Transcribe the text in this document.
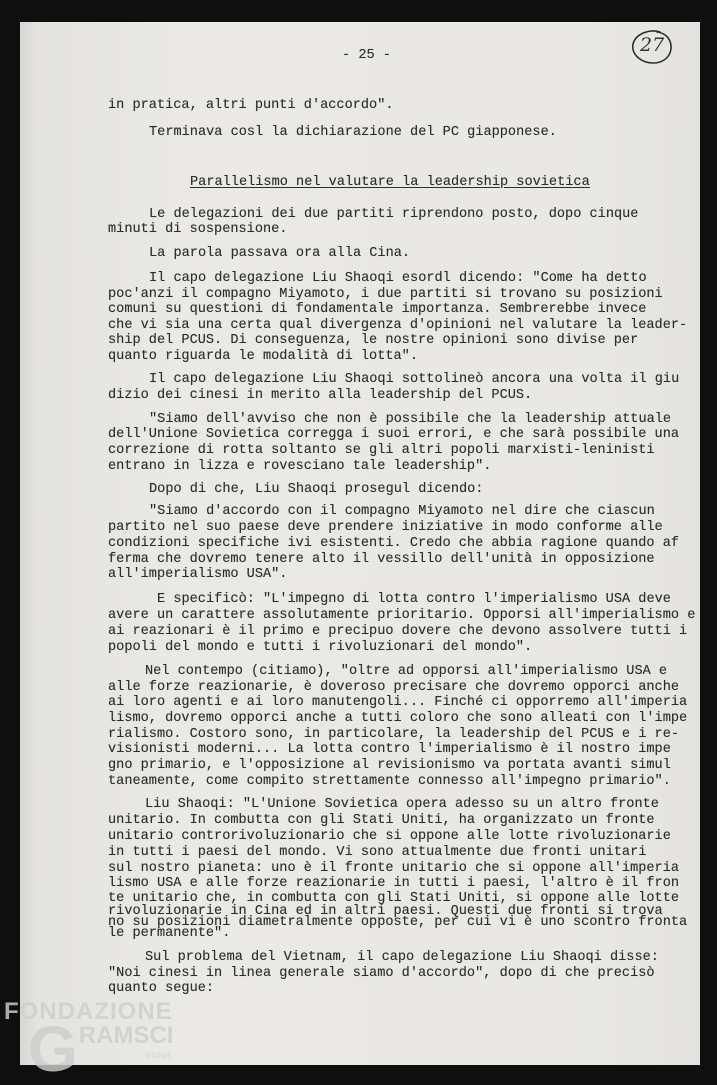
- 25 -	27
in pratica, altri punti d'accordo".
Terminava cosl la dichiarazione del PC giapponese.
Parallelismo nel valutare la leadership sovietica
Le delegazioni dei due partiti riprendono posto, dopo cinque
minuti di sospensione.
La parola passava ora alla Cina.
Il capo delegazione Liu Shaoqi esordl dicendo: "Come ha detto
poc'anzi il compagno Miyamoto, i due partiti si trovano su posizioni
comuni su questioni di fondamentale importanza. Sembrerebbe invece
che vi sia una certa qual divergenza d'opinioni nel valutare la leader-
ship del PCUS. Di conseguenza, le nostre opinioni sono divise per
quanto riguarda le modalità di lotta".
Il capo delegazione Liu Shaoqi sottolineò ancora una volta il giu
dizio dei cinesi in merito alla leadership del PCUS.
"Siamo dell'avviso che non è possibile che la leadership attuale
dell'Unione Sovietica corregga i suoi errori, e che sarà possibile una
correzione di rotta soltanto se gli altri popoli marxisti-leninisti
entrano in lizza e rovesciano tale leadership".
Dopo di che, Liu Shaoqi prosegul dicendo:
"Siamo d'accordo con il compagno Miyamoto nel dire che ciascun
partito nel suo paese deve prendere iniziative in modo conforme alle
condizioni specifiche ivi esistenti. Credo che abbia ragione quando af
ferma che dovremo tenere alto il vessillo dell'unità in opposizione
all'imperialismo USA".
E specificò: "L'impegno di lotta contro l'imperialismo USA deve
avere un carattere assolutamente prioritario. Opporsi all'imperialismo e
ai reazionari è il primo e precipuo dovere che devono assolvere tutti i
popoli del mondo e tutti i rivoluzionari del mondo".
Nel contempo (citiamo), "oltre ad opporsi all'imperialismo USA e
alle forze reazionarie, è doveroso precisare che dovremo opporci anche
ai loro agenti e ai loro manutengoli... Finché ci opporremo all'imperia
lismo, dovremo opporci anche a tutti coloro che sono alleati con l'impe
rialismo. Costoro sono, in particolare, la leadership del PCUS e i re-
visionisti moderni... La lotta contro l'imperialismo è il nostro impe
gno primario, e l'opposizione al revisionismo va portata avanti simul
taneamente, come compito strettamente connesso all'impegno primario".
Liu Shaoqi: "L'Unione Sovietica opera adesso su un altro fronte
unitario. In combutta con gli Stati Uniti, ha organizzato un fronte
unitario controrivoluzionario che si oppone alle lotte rivoluzionarie
in tutti i paesi del mondo. Vi sono attualmente due fronti unitari
sul nostro pianeta: uno è il fronte unitario che si oppone all'imperia
lismo USA e alle forze reazionarie in tutti i paesi, l'altro è il fron
te unitario che, in combutta con gli Stati Uniti, si oppone alle lotte
rivoluzionarie in Cina ed in altri paesi. Questi due fronti si trova
no su posizioni diametralmente opposte, per cui vi è uno scontro fronta
le permanente".
Sul problema del Vietnam, il capo delegazione Liu Shaoqi disse:
"Noi cinesi in linea generale siamo d'accordo", dopo di che precisò
quanto segue:
FONDAZIONE
GRAMSCI
onlus
